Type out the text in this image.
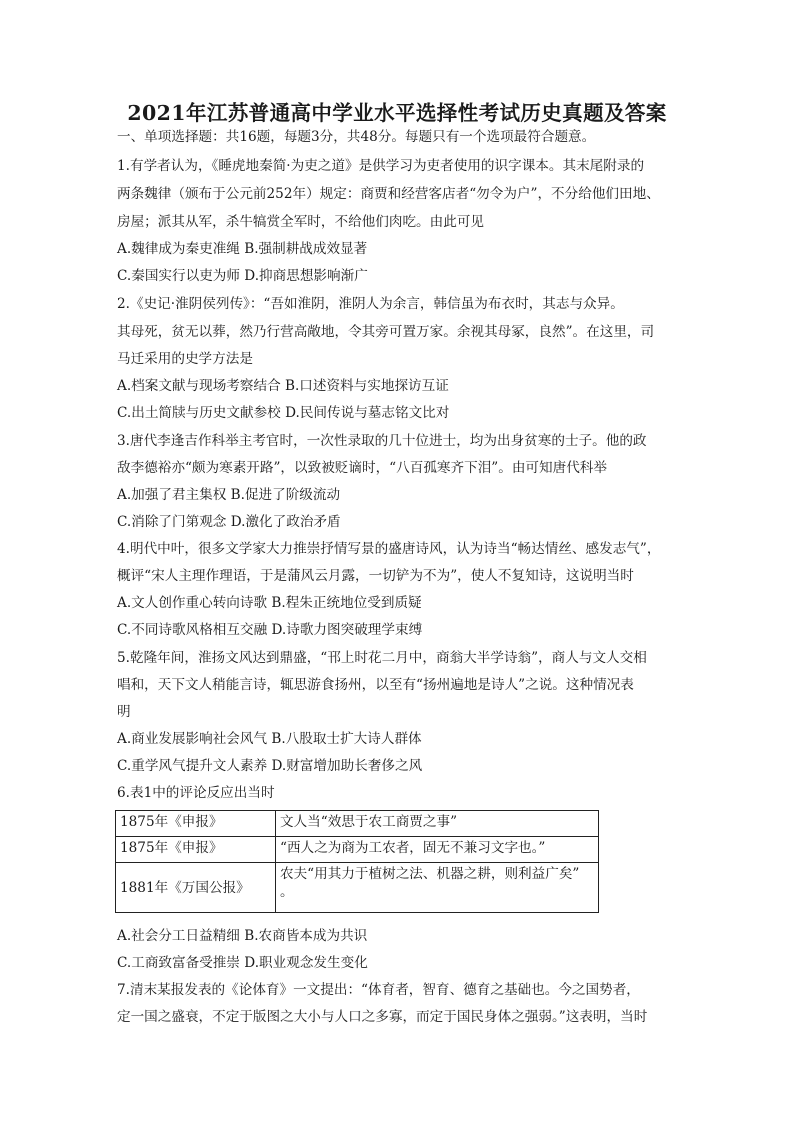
2021年江苏普通高中学业水平选择性考试历史真题及答案
一、单项选择题：共16题，每题3分，共48分。每题只有一个选项最符合题意。
1.有学者认为，《睡虎地秦简·为吏之道》是供学习为吏者使用的识字课本。其末尾附录的
两条魏律（颁布于公元前252年）规定：商贾和经营客店者“勿令为户”，不分给他们田地、
房屋；派其从军，杀牛犒赏全军时，不给他们肉吃。由此可见
A.魏律成为秦吏准绳 B.强制耕战成效显著
C.秦国实行以吏为师 D.抑商思想影响渐广
2.《史记·淮阴侯列传》：“吾如淮阴，淮阴人为余言，韩信虽为布衣时，其志与众异。
其母死，贫无以葬，然乃行营高敞地，令其旁可置万家。余视其母冢，良然”。在这里，司
马迁采用的史学方法是
A.档案文献与现场考察结合 B.口述资料与实地探访互证
C.出土简牍与历史文献参校 D.民间传说与墓志铭文比对
3.唐代李逢吉作科举主考官时，一次性录取的几十位进士，均为出身贫寒的士子。他的政
敌李德裕亦“颇为寒素开路”，以致被贬谪时，“八百孤寒齐下泪”。由可知唐代科举
A.加强了君主集权 B.促进了阶级流动
C.消除了门第观念 D.激化了政治矛盾
4.明代中叶，很多文学家大力推崇抒情写景的盛唐诗风，认为诗当“畅达情丝、感发志气”，
概评“宋人主理作理语，于是蒲风云月露，一切铲为不为”，使人不复知诗，这说明当时
A.文人创作重心转向诗歌 B.程朱正统地位受到质疑
C.不同诗歌风格相互交融 D.诗歌力图突破理学束缚
5.乾隆年间，淮扬文风达到鼎盛，“邗上时花二月中，商翁大半学诗翁”，商人与文人交相
唱和，天下文人稍能言诗，辄思游食扬州，以至有“扬州遍地是诗人”之说。这种情况表
明
A.商业发展影响社会风气 B.八股取士扩大诗人群体
C.重学风气提升文人素养 D.财富增加助长奢侈之风
6.表1中的评论反应出当时
1875年《申报》	文人当“效思于农工商贾之事”
1875年《申报》	“西人之为商为工农者，固无不兼习文字也。”
1881年《万国公报》	农夫“用其力于植树之法、机器之耕，则利益广矣”
。
A.社会分工日益精细 B.农商皆本成为共识
C.工商致富备受推崇 D.职业观念发生变化
7.清末某报发表的《论体育》一文提出：“体育者，智育、德育之基础也。今之国势者，
定一国之盛衰，不定于版图之大小与人口之多寡，而定于国民身体之强弱。”这表明，当时
